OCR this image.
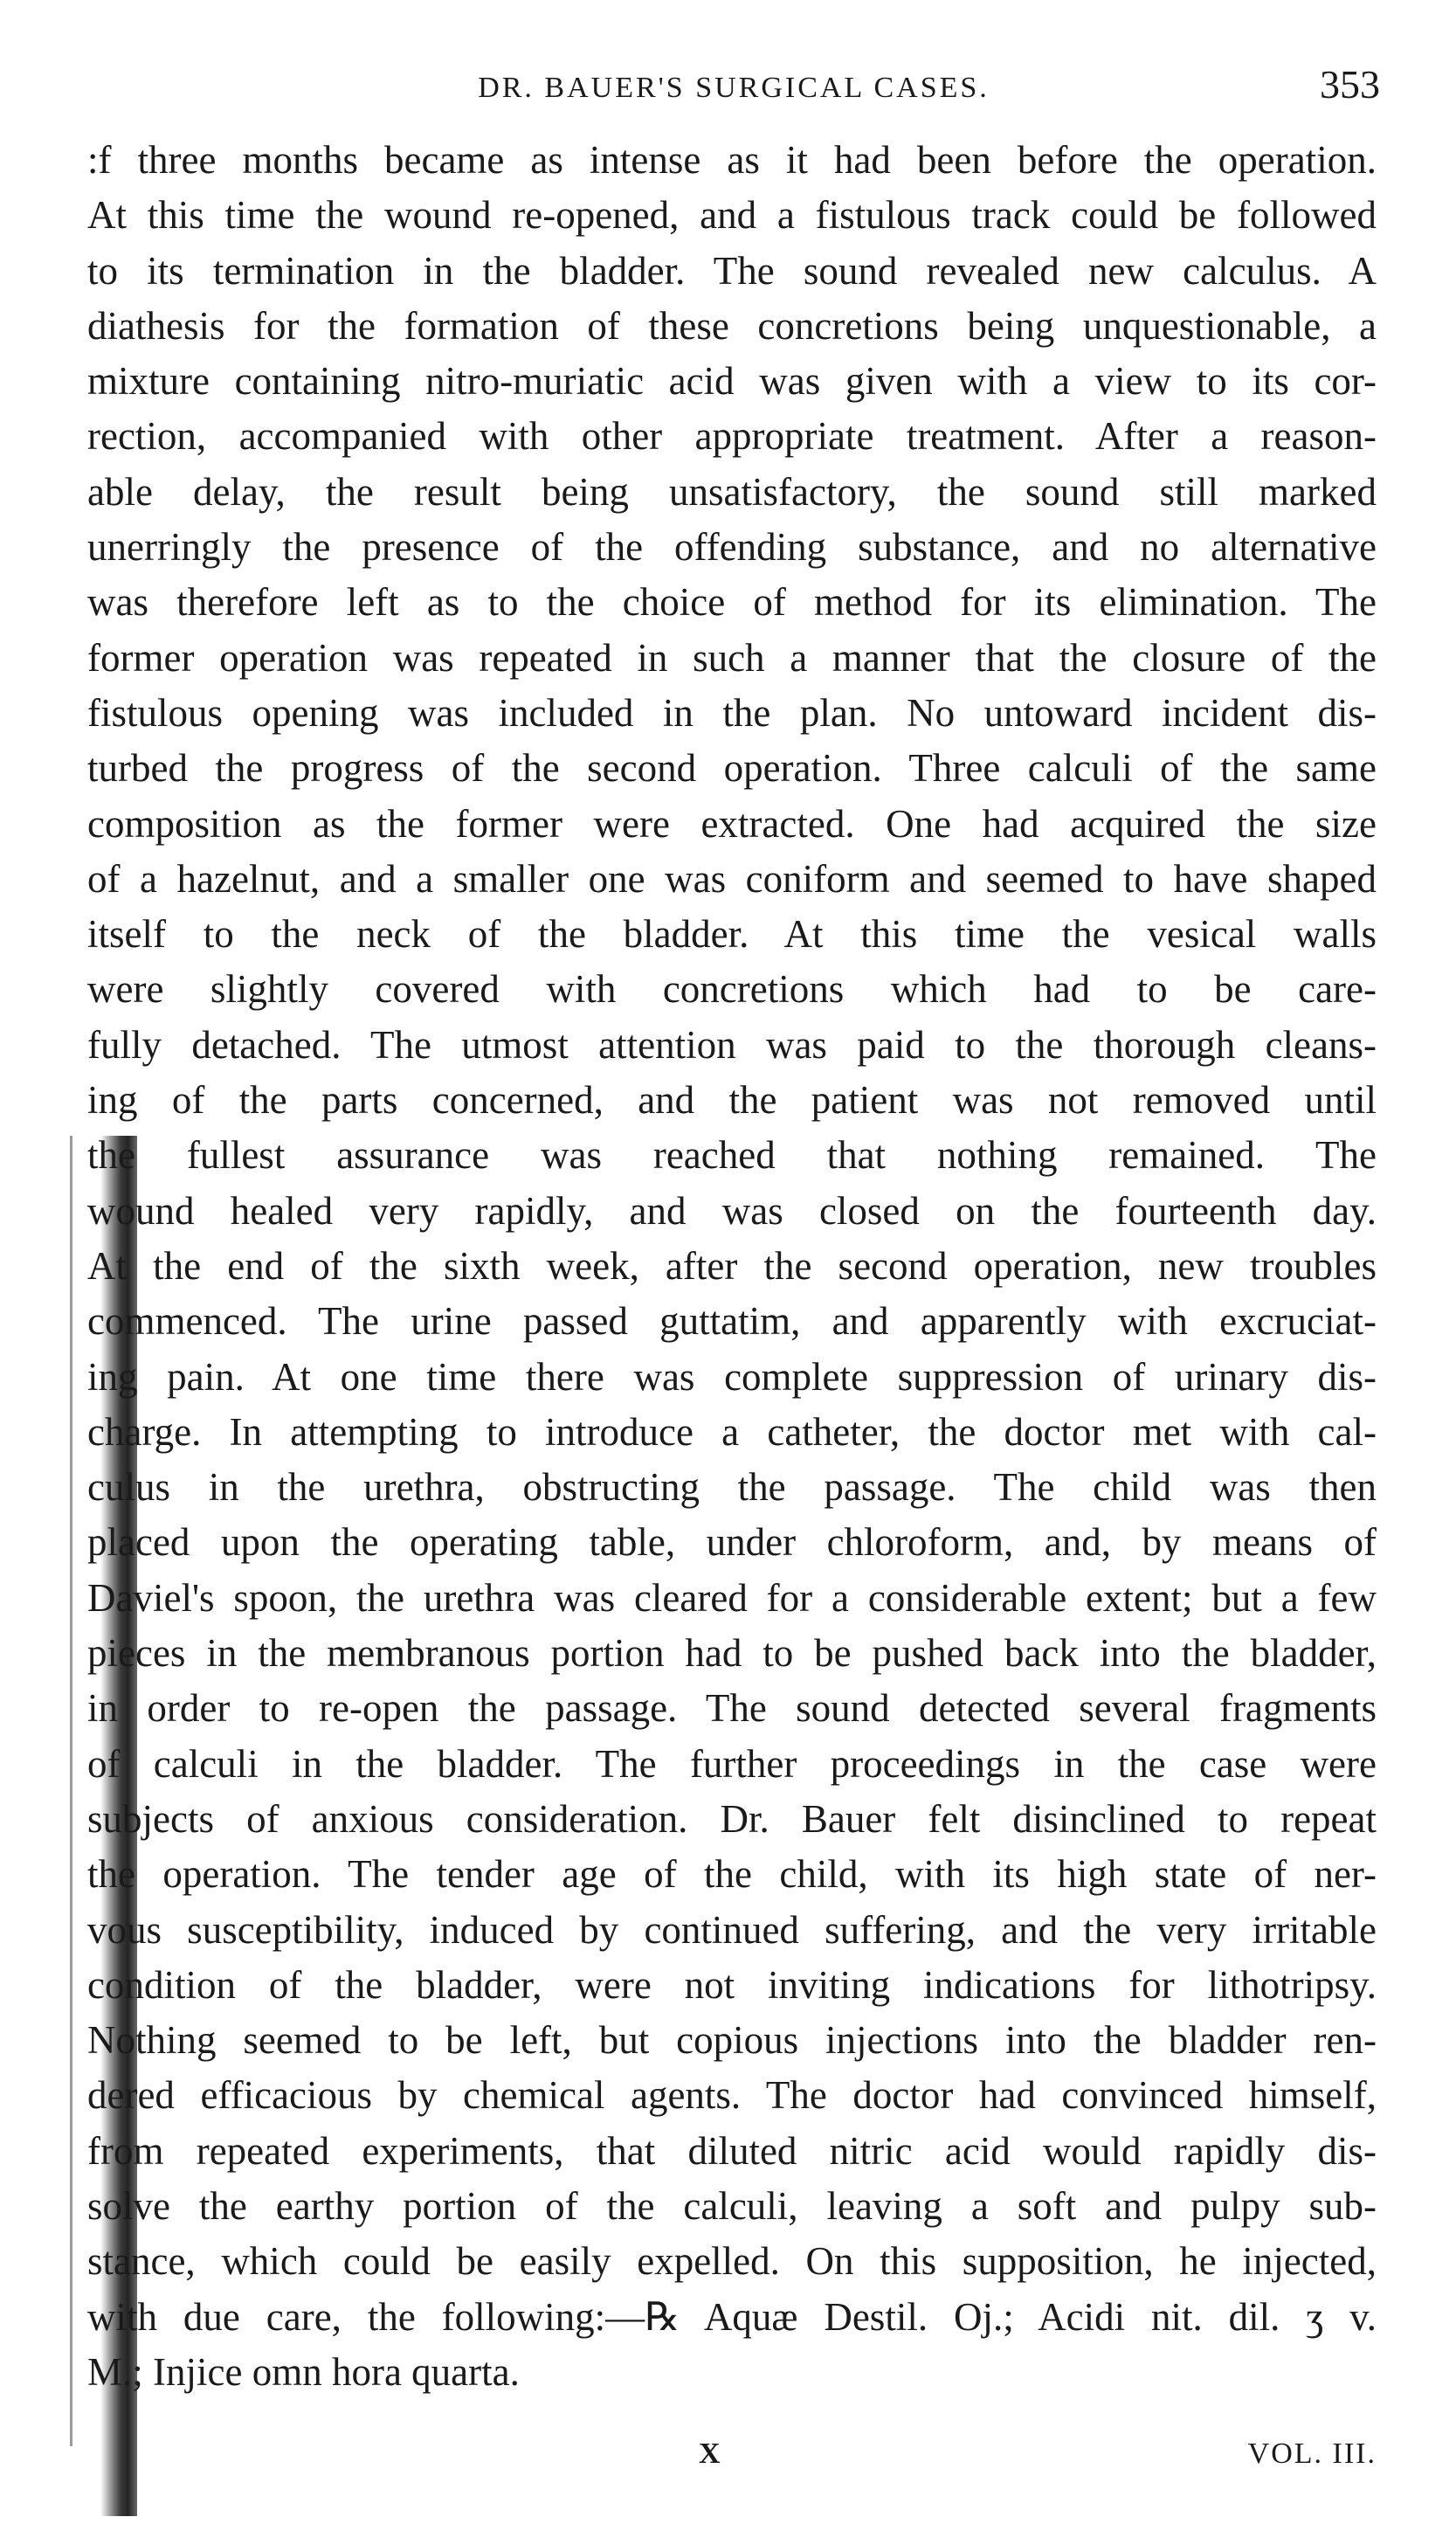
DR. BAUER'S SURGICAL CASES.	353
:f three months became as intense as it had been before the operation.
At this time the wound re-opened, and a fistulous track could be followed
to its termination in the bladder. The sound revealed new calculus. A
diathesis for the formation of these concretions being unquestionable, a
mixture containing nitro-muriatic acid was given with a view to its cor-
rection, accompanied with other appropriate treatment. After a reason-
able delay, the result being unsatisfactory, the sound still marked
unerringly the presence of the offending substance, and no alternative
was therefore left as to the choice of method for its elimination. The
former operation was repeated in such a manner that the closure of the
fistulous opening was included in the plan. No untoward incident dis-
turbed the progress of the second operation. Three calculi of the same
composition as the former were extracted. One had acquired the size
of a hazelnut, and a smaller one was coniform and seemed to have shaped
itself to the neck of the bladder. At this time the vesical walls
were slightly covered with concretions which had to be care-
fully detached. The utmost attention was paid to the thorough cleans-
ing of the parts concerned, and the patient was not removed until
the fullest assurance was reached that nothing remained. The
wound healed very rapidly, and was closed on the fourteenth day.
At the end of the sixth week, after the second operation, new troubles
commenced. The urine passed guttatim, and apparently with excruciat-
ing pain. At one time there was complete suppression of urinary dis-
charge. In attempting to introduce a catheter, the doctor met with cal-
culus in the urethra, obstructing the passage. The child was then
placed upon the operating table, under chloroform, and, by means of
Daviel's spoon, the urethra was cleared for a considerable extent; but a few
pieces in the membranous portion had to be pushed back into the bladder,
in order to re-open the passage. The sound detected several fragments
of calculi in the bladder. The further proceedings in the case were
subjects of anxious consideration. Dr. Bauer felt disinclined to repeat
the operation. The tender age of the child, with its high state of ner-
vous susceptibility, induced by continued suffering, and the very irritable
condition of the bladder, were not inviting indications for lithotripsy.
Nothing seemed to be left, but copious injections into the bladder ren-
dered efficacious by chemical agents. The doctor had convinced himself,
from repeated experiments, that diluted nitric acid would rapidly dis-
solve the earthy portion of the calculi, leaving a soft and pulpy sub-
stance, which could be easily expelled. On this supposition, he injected,
with due care, the following:—℞ Aquæ Destil. Oj.; Acidi nit. dil. ʒ v.
M.; Injice omn hora quarta.
X	VOL. III.
